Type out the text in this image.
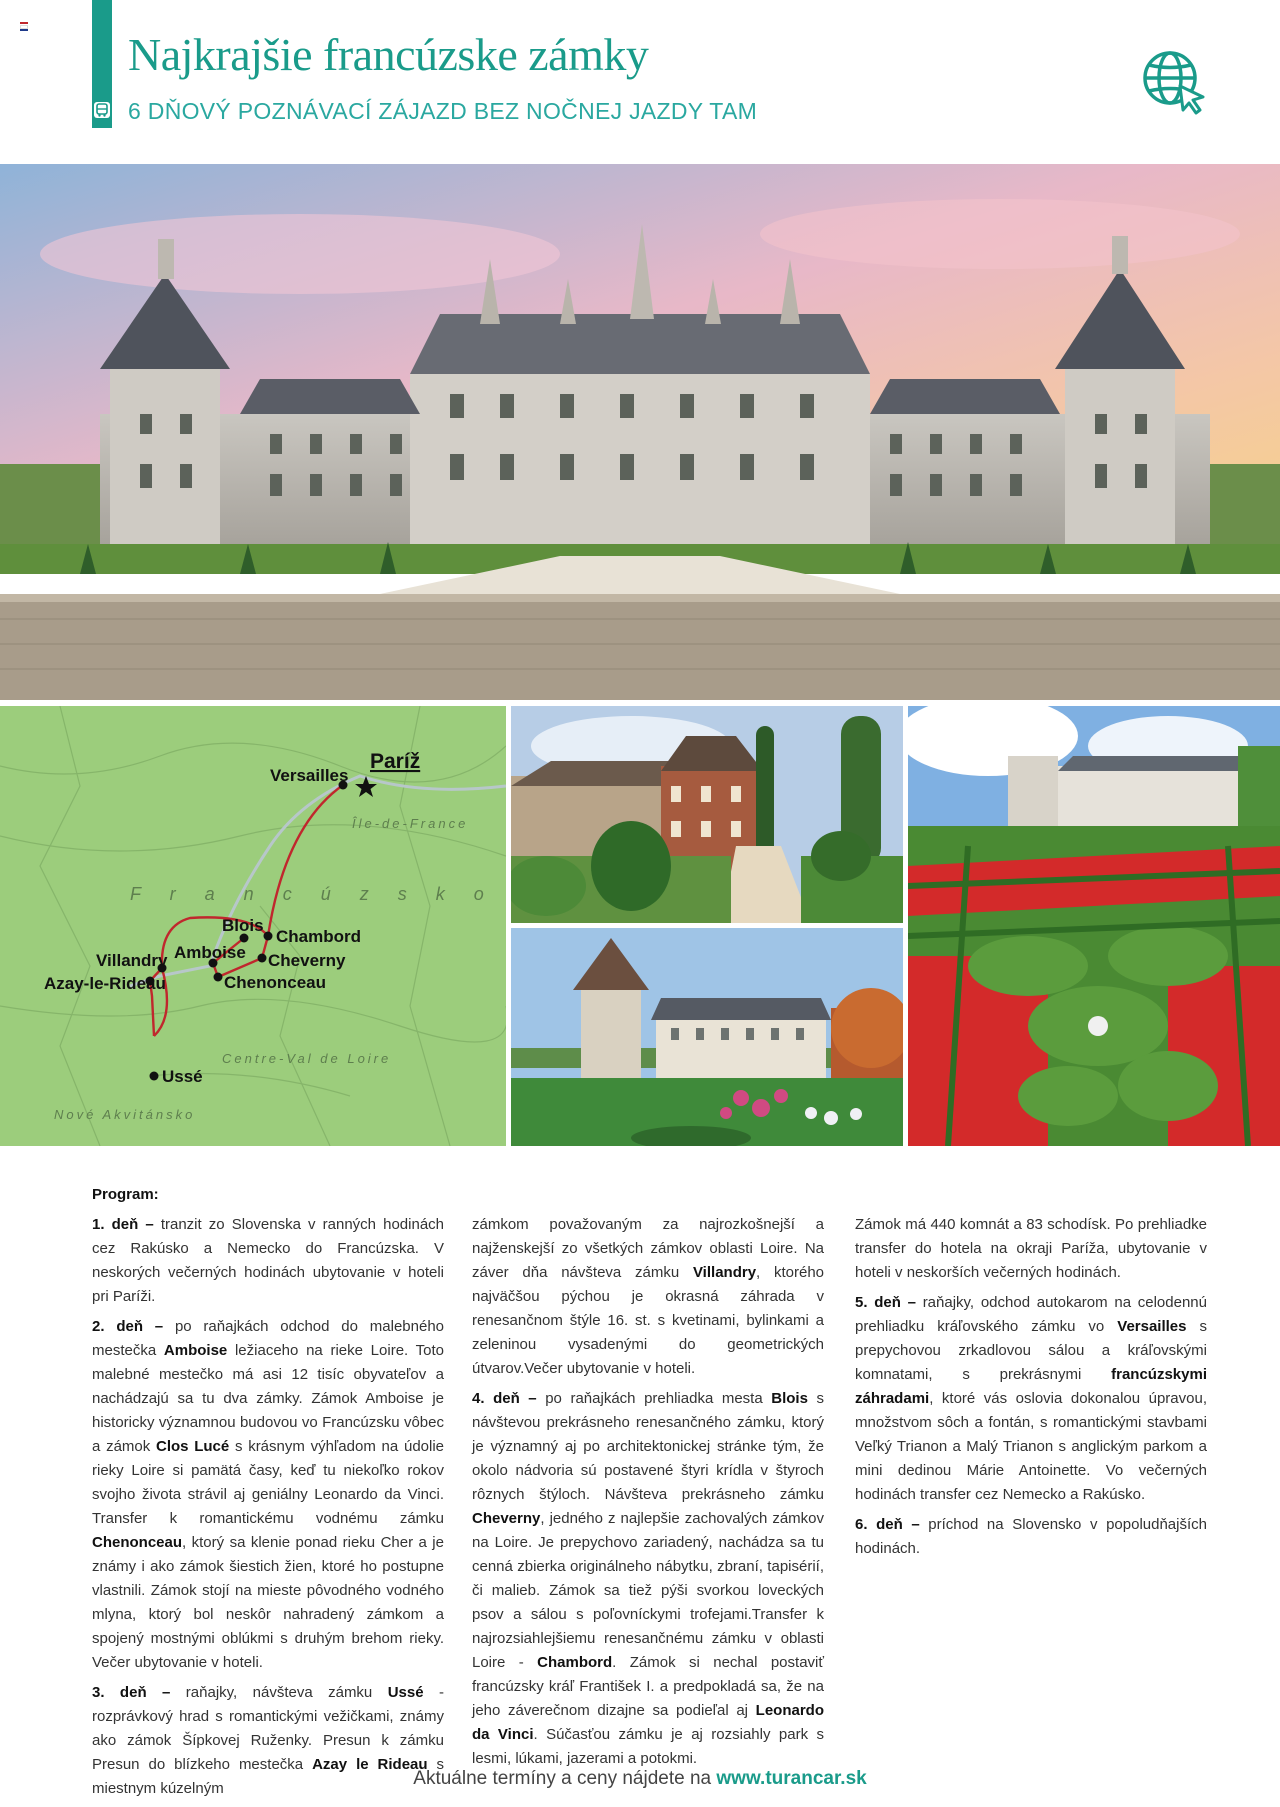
Najkrajšie francúzske zámky
6 DŇOVÝ POZNÁVACÍ ZÁJAZD BEZ NOČNEJ JAZDY TAM
Paríž
Versailles
Blois
Chambord
Villandry Amboise Cheverny
Azay-le-Rideau	Chenonceau
Ussé
Île-de-France
F r a n c ú z s k o
Centre-Val de Loire
Nové Akvitánsko

Program:

1. deň – tranzit zo Slovenska v ranných hodinách cez Rakúsko a Nemecko do Francúzska. V neskorých večerných hodinách ubytovanie v hoteli pri Paríži.

2. deň – po raňajkách odchod do malebného mestečka Amboise ležiaceho na rieke Loire. Toto malebné mestečko má asi 12 tisíc obyvateľov a nachádzajú sa tu dva zámky. Zámok Amboise je historicky významnou budovou vo Francúzsku vôbec a zámok Clos Lucé s krásnym výhľadom na údolie rieky Loire si pamätá časy, keď tu niekoľko rokov svojho života strávil aj geniálny Leonardo da Vinci. Transfer k romantickému vodnému zámku Chenonceau, ktorý sa klenie ponad rieku Cher a je známy i ako zámok šiestich žien, ktoré ho postupne vlastnili. Zámok stojí na mieste pôvodného vodného mlyna, ktorý bol neskôr nahradený zámkom a spojený mostnými oblúkmi s druhým brehom rieky. Večer ubytovanie v hoteli.

3. deň – raňajky, návšteva zámku Ussé - rozprávkový hrad s romantickými vežičkami, známy ako zámok Šípkovej Ruženky. Presun k zámku Presun do blízkeho mestečka Azay le Rideau s miestnym kúzelným

zámkom považovaným za najrozkošnejší a najženskejší zo všetkých zámkov oblasti Loire. Na záver dňa návšteva zámku Villandry, ktorého najväčšou pýchou je okrasná záhrada v renesančnom štýle 16. st. s kvetinami, bylinkami a zeleninou vysadenými do geometrických útvarov.Večer ubytovanie v hoteli.

4. deň – po raňajkách prehliadka mesta Blois s návštevou prekrásneho renesančného zámku, ktorý je významný aj po architektonickej stránke tým, že okolo nádvoria sú postavené štyri krídla v štyroch rôznych štýloch. Návšteva prekrásneho zámku Cheverny, jedného z najlepšie zachovalých zámkov na Loire. Je prepychovo zariadený, nachádza sa tu cenná zbierka originálneho nábytku, zbraní, tapisérií, či malieb. Zámok sa tiež pýši svorkou loveckých psov a sálou s poľovníckymi trofejami.Transfer k najrozsiahlejšiemu renesančnému zámku v oblasti Loire - Chambord. Zámok si nechal postaviť francúzsky kráľ František I. a predpokladá sa, že na jeho záverečnom dizajne sa podieľal aj Leonardo da Vinci. Súčasťou zámku je aj rozsiahly park s lesmi, lúkami, jazerami a potokmi.

Zámok má 440 komnát a 83 schodísk. Po prehliadke transfer do hotela na okraji Paríža, ubytovanie v hoteli v neskorších večerných hodinách.

5. deň – raňajky, odchod autokarom na celodennú prehliadku kráľovského zámku vo Versailles s prepychovou zrkadlovou sálou a kráľovskými komnatami, s prekrásnymi francúzskymi záhradami, ktoré vás oslovia dokonalou úpravou, množstvom sôch a fontán, s romantickými stavbami Veľký Trianon a Malý Trianon s anglickým parkom a mini dedinou Márie Antoinette. Vo večerných hodinách transfer cez Nemecko a Rakúsko.

6. deň – príchod na Slovensko v popoludňajších hodinách.

Aktuálne termíny a ceny nájdete na www.turancar.sk
